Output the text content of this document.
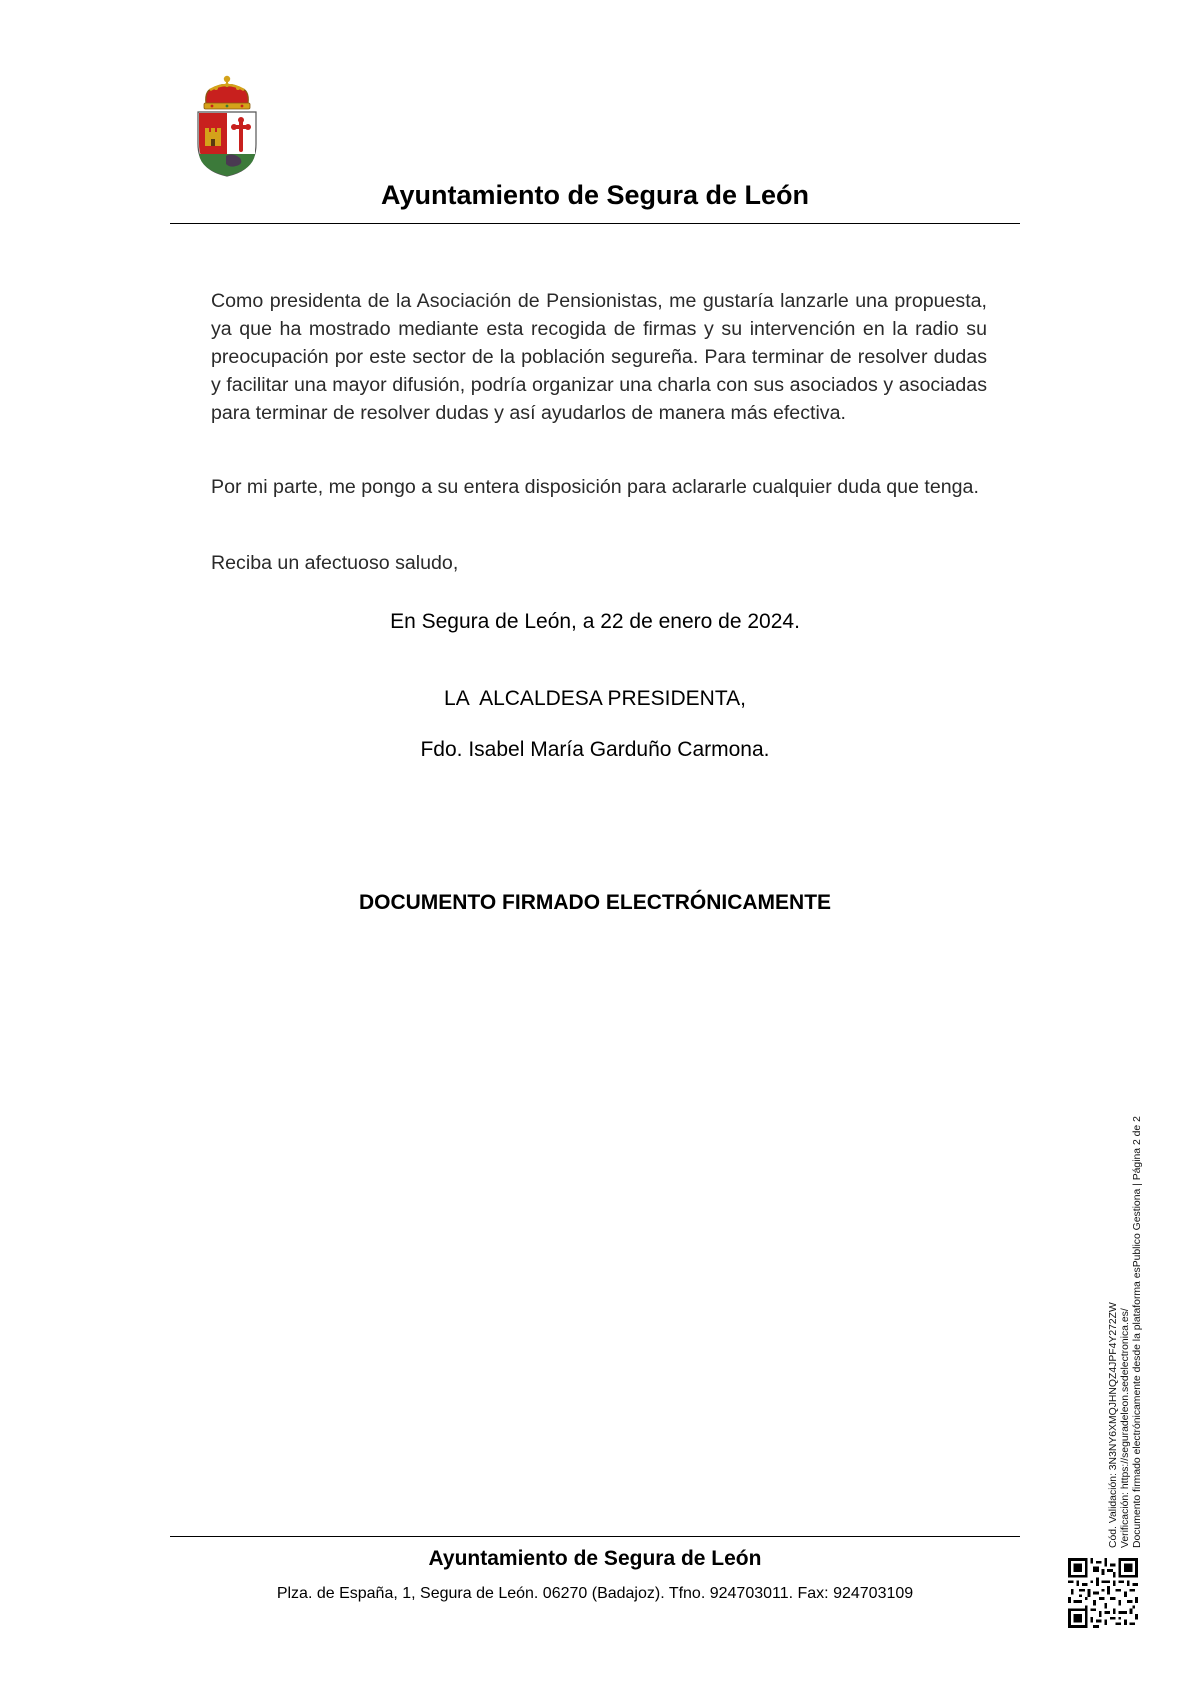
Ayuntamiento de Segura de León
Como presidenta de la Asociación de Pensionistas, me gustaría lanzarle una propuesta, ya que ha mostrado mediante esta recogida de firmas y su intervención en la radio su preocupación por este sector de la población segureña. Para terminar de resolver dudas y facilitar una mayor difusión, podría organizar una charla con sus asociados y asociadas para terminar de resolver dudas y así ayudarlos de manera más efectiva.
Por mi parte, me pongo a su entera disposición para aclararle cualquier duda que tenga.
Reciba un afectuoso saludo,
En Segura de León, a 22 de enero de 2024.
LA  ALCALDESA PRESIDENTA,
Fdo. Isabel María Garduño Carmona.
DOCUMENTO FIRMADO ELECTRÓNICAMENTE
Ayuntamiento de Segura de León
Plza. de España, 1, Segura de León. 06270 (Badajoz). Tfno. 924703011. Fax: 924703109
Cód. Validación: 3N3NY6XMQJHNQZ4JPF4Y272ZW Verificación: https://seguradeleon.sedelectronica.es/ Documento firmado electrónicamente desde la plataforma esPublico Gestiona | Página 2 de 2
